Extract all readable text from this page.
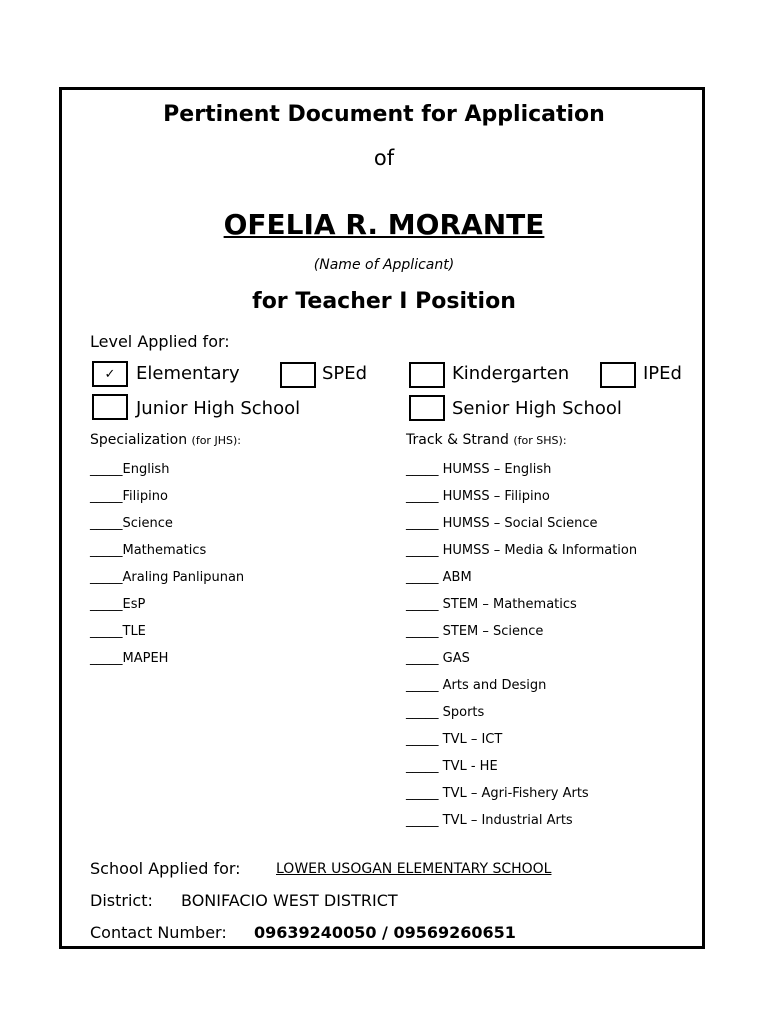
Pertinent Document for Application
of
OFELIA R. MORANTE
(Name of Applicant)
for Teacher I Position
Level Applied for:
✓ Elementary	SPEd	Kindergarten	IPEd
Junior High School	Senior High School
Specialization (for JHS):	Track & Strand (for SHS):
_____English
_____Filipino
_____Science
_____Mathematics
_____Araling Panlipunan
_____EsP
_____TLE
_____MAPEH
_____ HUMSS – English
_____ HUMSS – Filipino
_____ HUMSS – Social Science
_____ HUMSS – Media & Information
_____ ABM
_____ STEM – Mathematics
_____ STEM – Science
_____ GAS
_____ Arts and Design
_____ Sports
_____ TVL – ICT
_____ TVL - HE
_____ TVL – Agri-Fishery Arts
_____ TVL – Industrial Arts
School Applied for:	LOWER USOGAN ELEMENTARY SCHOOL
District: BONIFACIO WEST DISTRICT
Contact Number: 09639240050 / 09569260651
